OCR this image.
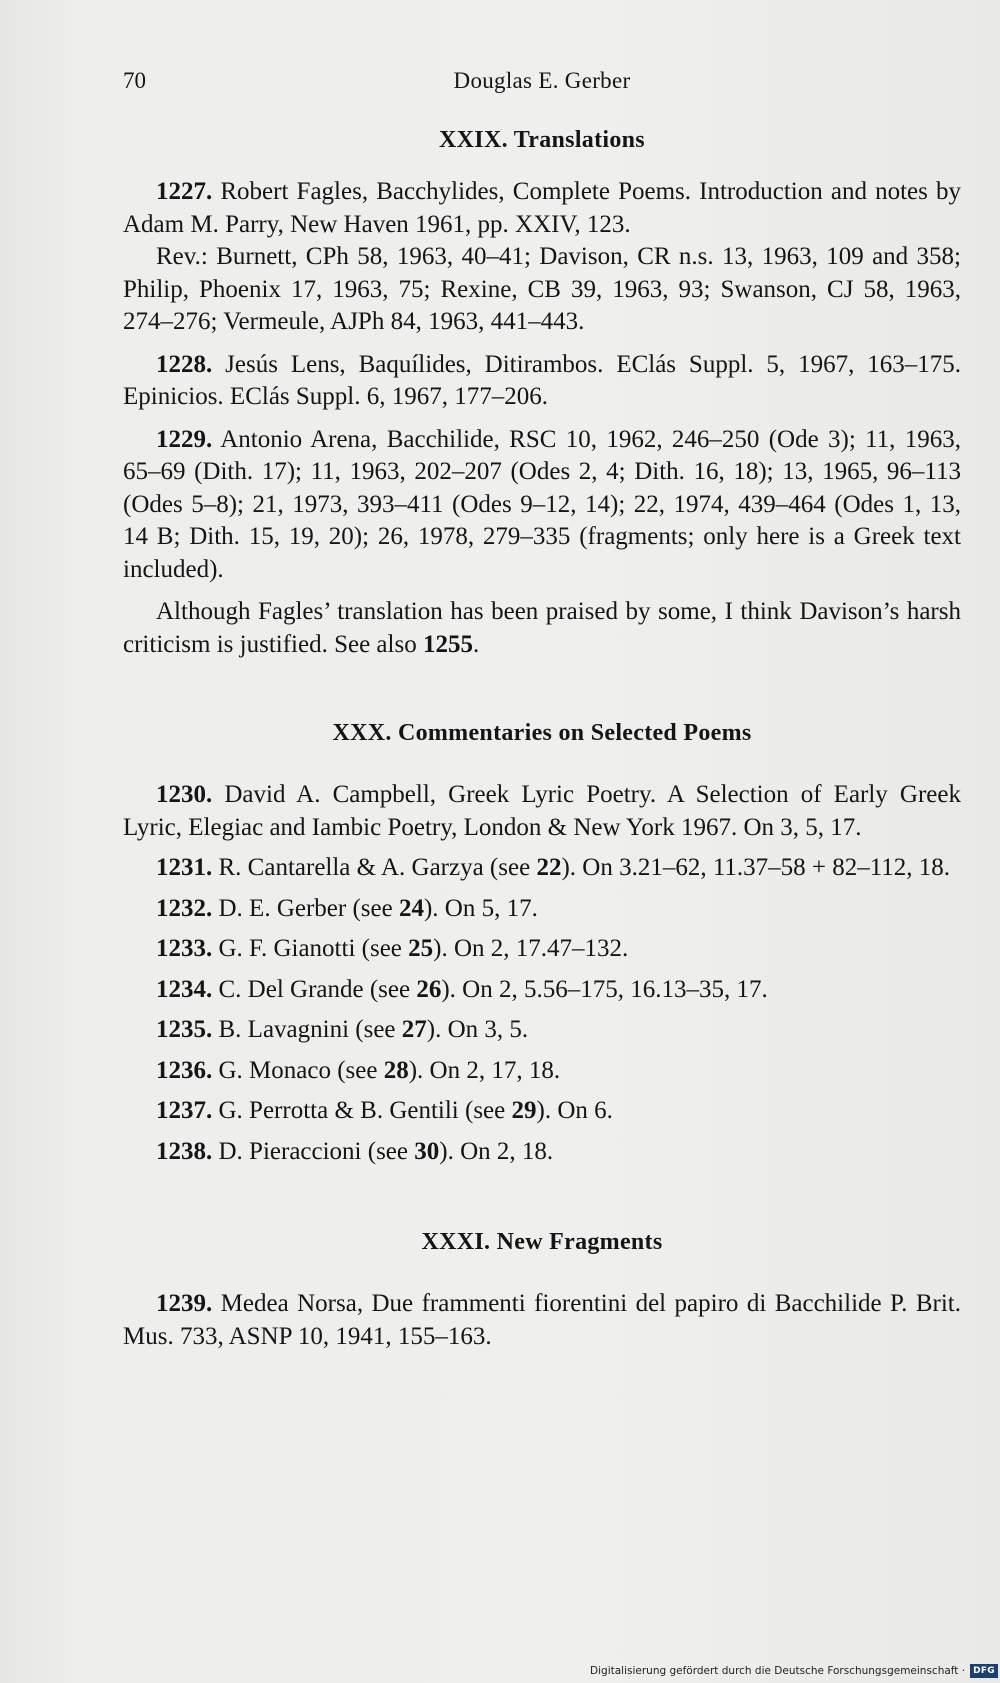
70	Douglas E. Gerber
XXIX. Translations

1227. Robert Fagles, Bacchylides, Complete Poems. Introduction and notes by Adam M. Parry, New Haven 1961, pp. XXIV, 123.

Rev.: Burnett, CPh 58, 1963, 40–41; Davison, CR n.s. 13, 1963, 109 and 358; Philip, Phoenix 17, 1963, 75; Rexine, CB 39, 1963, 93; Swanson, CJ 58, 1963, 274–276; Vermeule, AJPh 84, 1963, 441–443.

1228. Jesús Lens, Baquílides, Ditirambos. EClás Suppl. 5, 1967, 163–175. Epinicios. EClás Suppl. 6, 1967, 177–206.

1229. Antonio Arena, Bacchilide, RSC 10, 1962, 246–250 (Ode 3); 11, 1963, 65–69 (Dith. 17); 11, 1963, 202–207 (Odes 2, 4; Dith. 16, 18); 13, 1965, 96–113 (Odes 5–8); 21, 1973, 393–411 (Odes 9–12, 14); 22, 1974, 439–464 (Odes 1, 13, 14 B; Dith. 15, 19, 20); 26, 1978, 279–335 (fragments; only here is a Greek text included).

Although Fagles’ translation has been praised by some, I think Davison’s harsh criticism is justified. See also 1255.

XXX. Commentaries on Selected Poems

1230. David A. Campbell, Greek Lyric Poetry. A Selection of Early Greek Lyric, Elegiac and Iambic Poetry, London & New York 1967. On 3, 5, 17.

1231. R. Cantarella & A. Garzya (see 22). On 3.21–62, 11.37–58 + 82–112, 18.

1232. D. E. Gerber (see 24). On 5, 17.

1233. G. F. Gianotti (see 25). On 2, 17.47–132.

1234. C. Del Grande (see 26). On 2, 5.56–175, 16.13–35, 17.

1235. B. Lavagnini (see 27). On 3, 5.

1236. G. Monaco (see 28). On 2, 17, 18.

1237. G. Perrotta & B. Gentili (see 29). On 6.

1238. D. Pieraccioni (see 30). On 2, 18.

XXXI. New Fragments

1239. Medea Norsa, Due frammenti fiorentini del papiro di Bacchilide P. Brit. Mus. 733, ASNP 10, 1941, 155–163.

Digitalisierung gefördert durch die Deutsche Forschungsgemeinschaft · DFG
